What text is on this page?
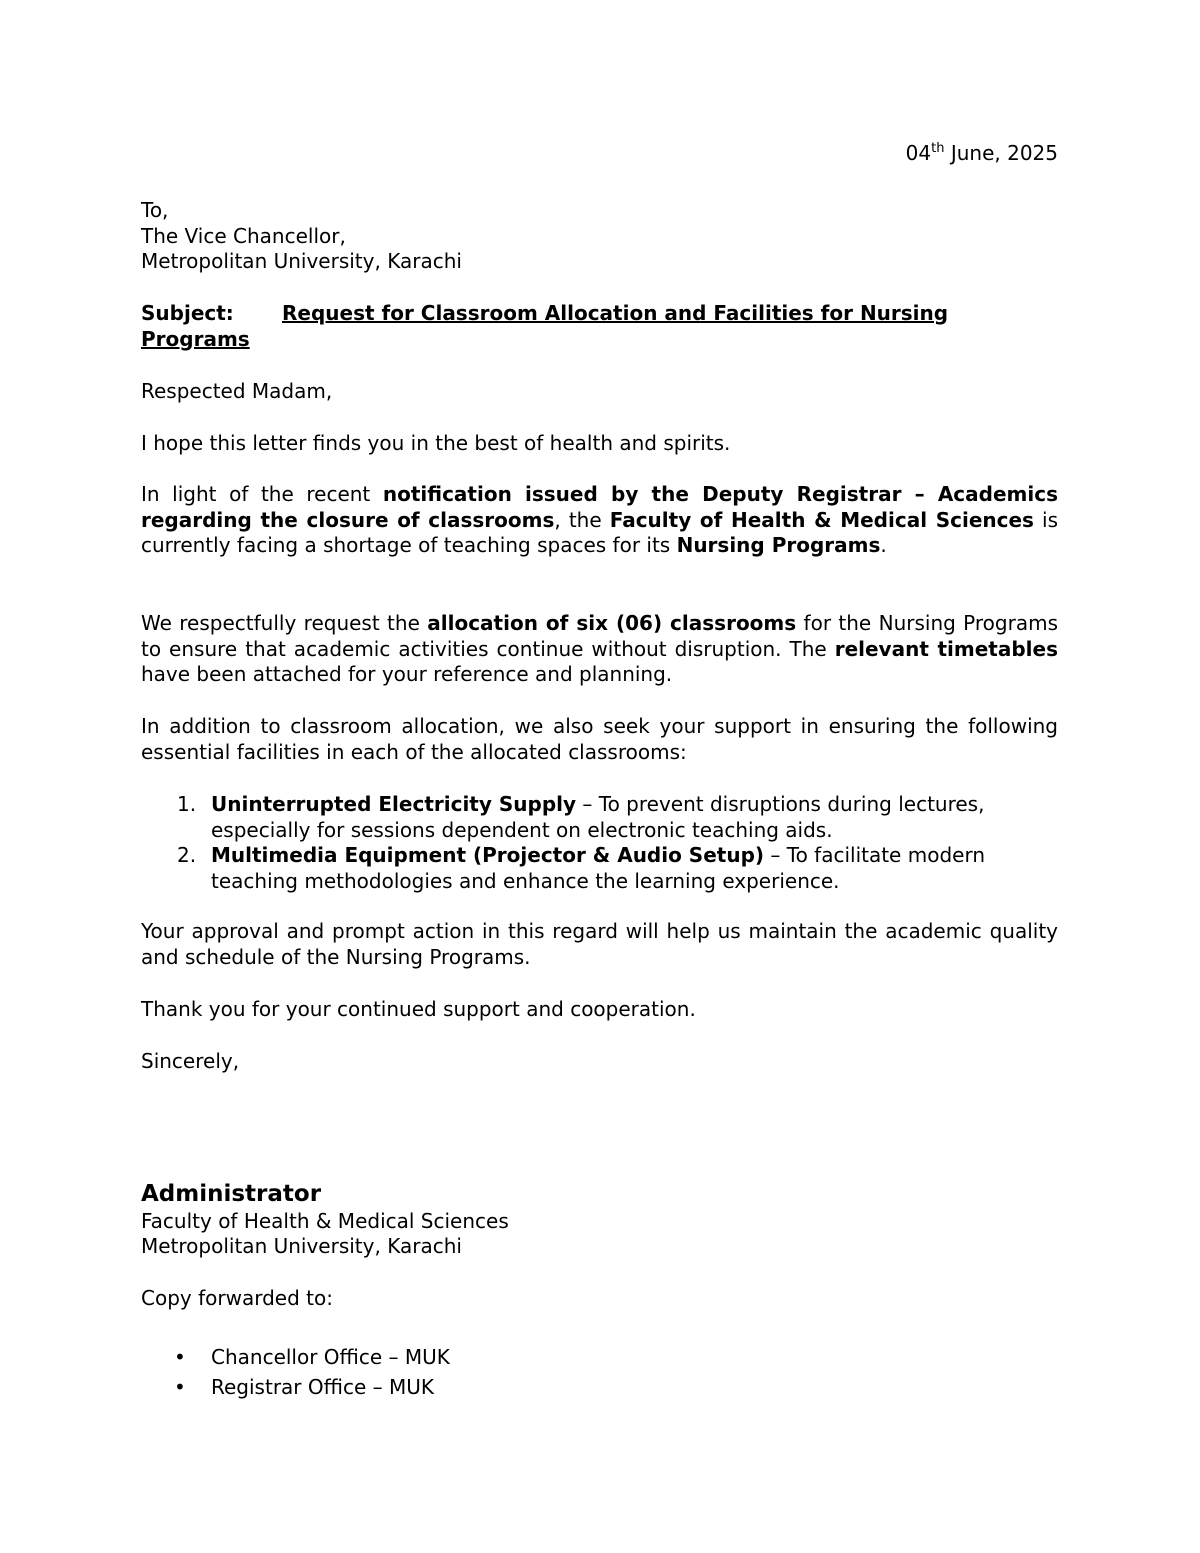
04th June, 2025
To,
The Vice Chancellor,
Metropolitan University, Karachi
Subject: Request for Classroom Allocation and Facilities for Nursing Programs
Respected Madam,
I hope this letter finds you in the best of health and spirits.
In light of the recent notification issued by the Deputy Registrar – Academics regarding the closure of classrooms, the Faculty of Health & Medical Sciences is currently facing a shortage of teaching spaces for its Nursing Programs.
We respectfully request the allocation of six (06) classrooms for the Nursing Programs to ensure that academic activities continue without disruption. The relevant timetables have been attached for your reference and planning.
In addition to classroom allocation, we also seek your support in ensuring the following essential facilities in each of the allocated classrooms:
1. Uninterrupted Electricity Supply – To prevent disruptions during lectures, especially for sessions dependent on electronic teaching aids.
2. Multimedia Equipment (Projector & Audio Setup) – To facilitate modern teaching methodologies and enhance the learning experience.
Your approval and prompt action in this regard will help us maintain the academic quality and schedule of the Nursing Programs.
Thank you for your continued support and cooperation.
Sincerely,
Administrator
Faculty of Health & Medical Sciences
Metropolitan University, Karachi
Copy forwarded to:
• Chancellor Office – MUK
• Registrar Office – MUK
